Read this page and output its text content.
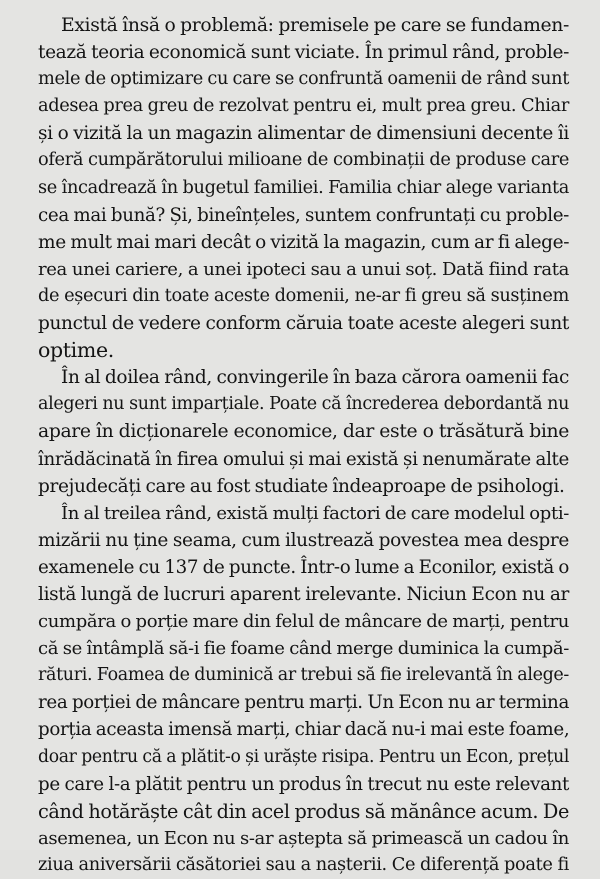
Există însă o problemă: premisele pe care se fundamen-
tează teoria economică sunt viciate. În primul rând, proble-
mele de optimizare cu care se confruntă oamenii de rând sunt
adesea prea greu de rezolvat pentru ei, mult prea greu. Chiar
și o vizită la un magazin alimentar de dimensiuni decente îi
oferă cumpărătorului milioane de combinații de produse care
se încadrează în bugetul familiei. Familia chiar alege varianta
cea mai bună? Și, bineînțeles, suntem confruntați cu proble-
me mult mai mari decât o vizită la magazin, cum ar fi alege-
rea unei cariere, a unei ipoteci sau a unui soț. Dată fiind rata
de eșecuri din toate aceste domenii, ne-ar fi greu să susținem
punctul de vedere conform căruia toate aceste alegeri sunt
optime.
În al doilea rând, convingerile în baza cărora oamenii fac
alegeri nu sunt imparțiale. Poate că încrederea debordantă nu
apare în dicționarele economice, dar este o trăsătură bine
înrădăcinată în firea omului și mai există și nenumărate alte
prejudecăți care au fost studiate îndeaproape de psihologi.
În al treilea rând, există mulți factori de care modelul opti-
mizării nu ține seama, cum ilustrează povestea mea despre
examenele cu 137 de puncte. Într-o lume a Econilor, există o
listă lungă de lucruri aparent irelevante. Niciun Econ nu ar
cumpăra o porție mare din felul de mâncare de marți, pentru
că se întâmplă să-i fie foame când merge duminica la cumpă-
rături. Foamea de duminică ar trebui să fie irelevantă în alege-
rea porției de mâncare pentru marți. Un Econ nu ar termina
porția aceasta imensă marți, chiar dacă nu-i mai este foame,
doar pentru că a plătit-o și urăște risipa. Pentru un Econ, prețul
pe care l-a plătit pentru un produs în trecut nu este relevant
când hotărăște cât din acel produs să mănânce acum. De
asemenea, un Econ nu s-ar aștepta să primească un cadou în
ziua aniversării căsătoriei sau a nașterii. Ce diferență poate fi
